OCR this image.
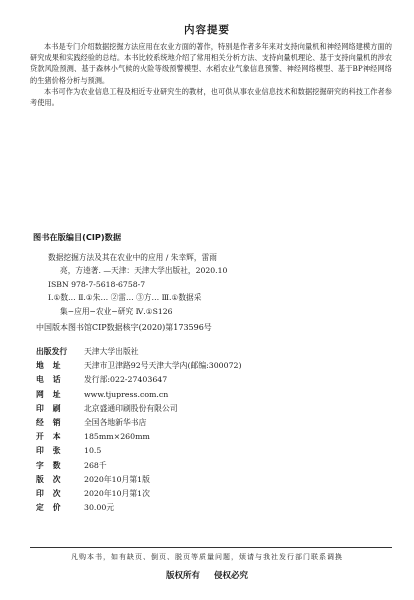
内容提要

本书是专门介绍数据挖掘方法应用在农业方面的著作，特别是作者多年来对支持向量机和神经网络建模方面的研究成果和实践经验的总结。本书比较系统地介绍了常用相关分析方法、支持向量机理论、基于支持向量机的涉农贷款风险预测、基于森林小气候的火险等级预警模型、水稻农业气象信息预警、神经网络模型、基于BP神经网络的生猪价格分析与预测。

本书可作为农业信息工程及相近专业研究生的教材，也可供从事农业信息技术和数据挖掘研究的科技工作者参考使用。

图书在版编目(CIP)数据
数据挖掘方法及其在农业中的应用 / 朱幸辉，雷雨
亮，方逵著. —天津：天津大学出版社，2020.10
ISBN 978-7-5618-6758-7
Ⅰ.①数… Ⅱ.①朱… ②雷… ③方… Ⅲ.①数据采
集−应用−农业−研究 Ⅳ.①S126
中国版本图书馆CIP数据核字(2020)第173596号
出版发行 天津大学出版社
地址 天津市卫津路92号天津大学内(邮编:300072)
电话 发行部:022-27403647
网址 www.tjupress.com.cn
印刷 北京盛通印刷股份有限公司
经销 全国各地新华书店
开本 185mm×260mm
印张 10.5
字数 268千
版次 2020年10月第1版
印次 2020年10月第1次
定价 30.00元
凡购本书，如有缺页、倒页、脱页等质量问题，烦请与我社发行部门联系调换
版权所有 侵权必究
